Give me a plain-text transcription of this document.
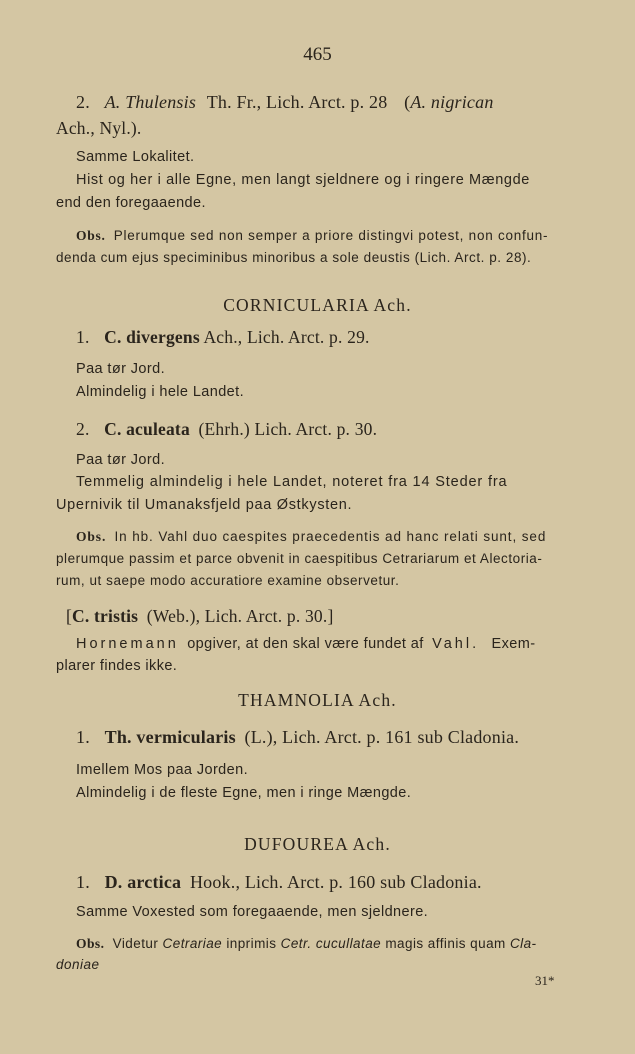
465
2. A. Thulensis Th. Fr., Lich. Arct. p. 28 (A. nigrican
Ach., Nyl.).
Samme Lokalitet.
Hist og her i alle Egne, men langt sjeldnere og i ringere Mængde
end den foregaaende.
Obs. Plerumque sed non semper a priore distingvi potest, non confun-
denda cum ejus speciminibus minoribus a sole deustis (Lich. Arct. p. 28).
CORNICULARIA Ach.
1. C. divergens Ach., Lich. Arct. p. 29.
Paa tør Jord.
Almindelig i hele Landet.
2. C. aculeata (Ehrh.) Lich. Arct. p. 30.
Paa tør Jord.
Temmelig almindelig i hele Landet, noteret fra 14 Steder fra
Upernivik til Umanaksfjeld paa Østkysten.
Obs. In hb. Vahl duo caespites praecedentis ad hanc relati sunt, sed
plerumque passim et parce obvenit in caespitibus Cetrariarum et Alectoria-
rum, ut saepe modo accuratiore examine observetur.
[C. tristis (Web.), Lich. Arct. p. 30.]
Hornemann opgiver, at den skal være fundet af Vahl. Exem-
plarer findes ikke.
THAMNOLIA Ach.
1. Th. vermicularis (L.), Lich. Arct. p. 161 sub Cladonia.
Imellem Mos paa Jorden.
Almindelig i de fleste Egne, men i ringe Mængde.
DUFOUREA Ach.
1. D. arctica Hook., Lich. Arct. p. 160 sub Cladonia.
Samme Voxested som foregaaende, men sjeldnere.
Obs. Videtur Cetrariae inprimis Cetr. cucullatae magis affinis quam Cla-
doniae
31*
